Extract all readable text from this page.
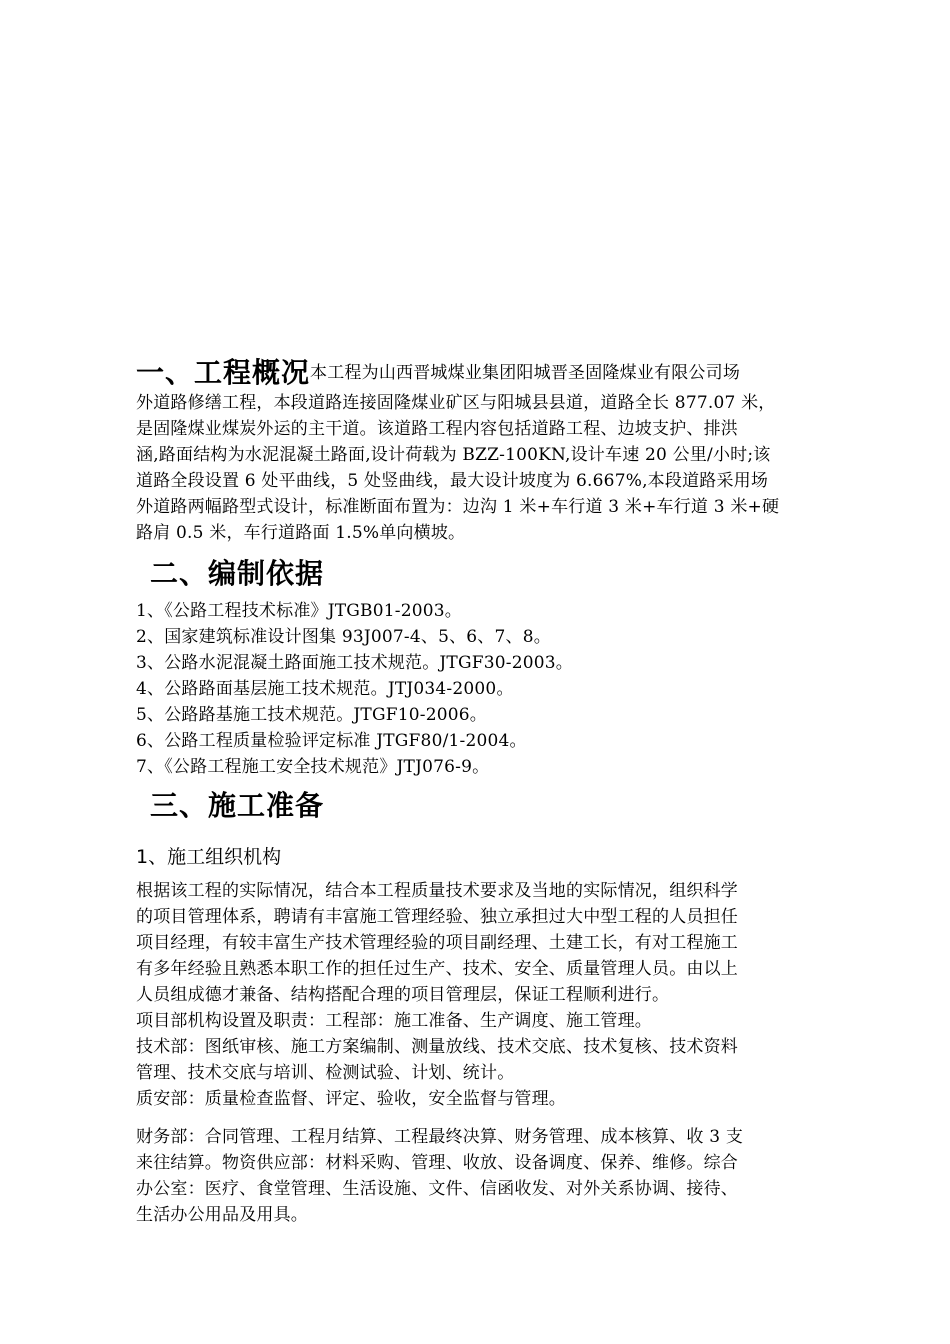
一、工程概况本工程为山西晋城煤业集团阳城晋圣固隆煤业有限公司场
外道路修缮工程，本段道路连接固隆煤业矿区与阳城县县道，道路全长 877.07 米，
是固隆煤业煤炭外运的主干道。该道路工程内容包括道路工程、边坡支护、排洪
涵,路面结构为水泥混凝土路面,设计荷载为 BZZ-100KN,设计车速 20 公里/小时;该
道路全段设置 6 处平曲线，5 处竖曲线，最大设计坡度为 6.667%,本段道路采用场
外道路两幅路型式设计，标准断面布置为：边沟 1 米+车行道 3 米+车行道 3 米+硬
路肩 0.5 米，车行道路面 1.5%单向横坡。
二、编制依据
1、《公路工程技术标准》JTGB01-2003。
2、国家建筑标准设计图集 93J007-4、5、6、7、8。
3、公路水泥混凝土路面施工技术规范。JTGF30-2003。
4、公路路面基层施工技术规范。JTJ034-2000。
5、公路路基施工技术规范。JTGF10-2006。
6、公路工程质量检验评定标准 JTGF80/1-2004。
7、《公路工程施工安全技术规范》JTJ076-9。
三、施工准备
1、施工组织机构
根据该工程的实际情况，结合本工程质量技术要求及当地的实际情况，组织科学
的项目管理体系，聘请有丰富施工管理经验、独立承担过大中型工程的人员担任
项目经理，有较丰富生产技术管理经验的项目副经理、土建工长，有对工程施工
有多年经验且熟悉本职工作的担任过生产、技术、安全、质量管理人员。由以上
人员组成德才兼备、结构搭配合理的项目管理层，保证工程顺利进行。
项目部机构设置及职责：工程部：施工准备、生产调度、施工管理。
技术部：图纸审核、施工方案编制、测量放线、技术交底、技术复核、技术资料
管理、技术交底与培训、检测试验、计划、统计。
质安部：质量检查监督、评定、验收，安全监督与管理。
财务部：合同管理、工程月结算、工程最终决算、财务管理、成本核算、收 3 支
来往结算。物资供应部：材料采购、管理、收放、设备调度、保养、维修。综合
办公室：医疗、食堂管理、生活设施、文件、信函收发、对外关系协调、接待、
生活办公用品及用具。
